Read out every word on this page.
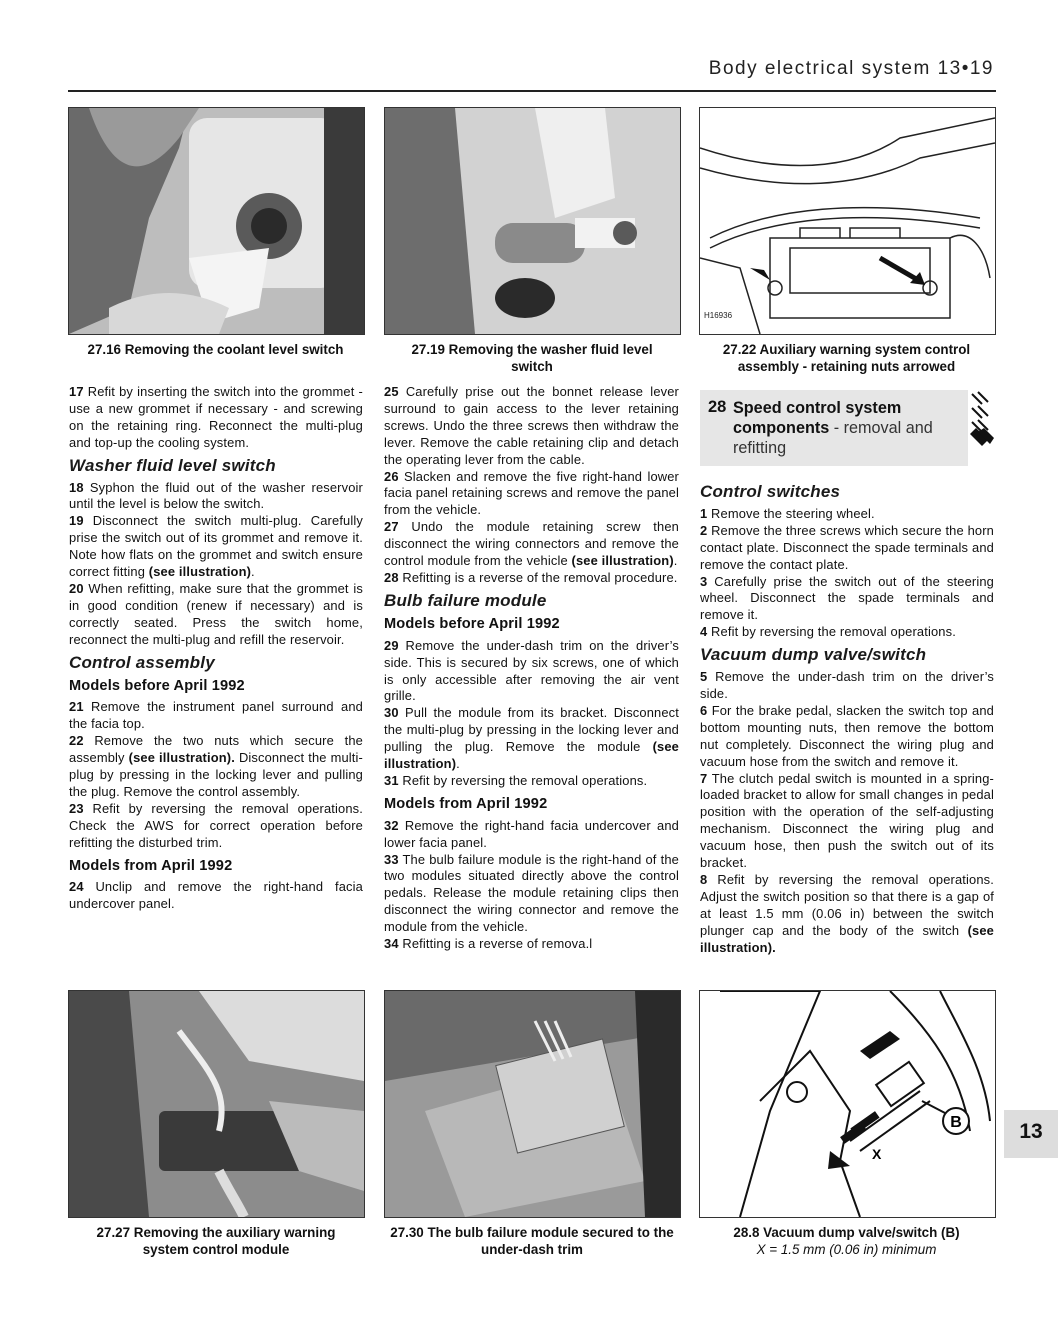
Body electrical system 13•19
H16936
27.16 Removing the coolant level switch	27.19 Removing the washer fluid level switch
27.22 Auxiliary warning system control assembly - retaining nuts arrowed

17 Refit by inserting the switch into the grommet - use a new grommet if necessary - and screwing on the retaining ring. Reconnect the multi-plug and top-up the cooling system.

Washer fluid level switch

18 Syphon the fluid out of the washer reservoir until the level is below the switch.

19 Disconnect the switch multi-plug. Carefully prise the switch out of its grommet and remove it. Note how flats on the grommet and switch ensure correct fitting (see illustration).

20 When refitting, make sure that the grommet is in good condition (renew if necessary) and is correctly seated. Press the switch home, reconnect the multi-plug and refill the reservoir.

Control assembly
Models before April 1992

21 Remove the instrument panel surround and the facia top.

22 Remove the two nuts which secure the assembly (see illustration). Disconnect the multi-plug by pressing in the locking lever and pulling the plug. Remove the control assembly.

23 Refit by reversing the removal operations. Check the AWS for correct operation before refitting the disturbed trim.

Models from April 1992

24 Unclip and remove the right-hand facia undercover panel.

25 Carefully prise out the bonnet release lever surround to gain access to the lever retaining screws. Undo the three screws then withdraw the lever. Remove the cable retaining clip and detach the operating lever from the cable.

26 Slacken and remove the five right-hand lower facia panel retaining screws and remove the panel from the vehicle.

27 Undo the module retaining screw then disconnect the wiring connectors and remove the control module from the vehicle (see illustration).

28 Refitting is a reverse of the removal procedure.

Bulb failure module
Models before April 1992

29 Remove the under-dash trim on the driver’s side. This is secured by six screws, one of which is only accessible after removing the air vent grille.

30 Pull the module from its bracket. Disconnect the multi-plug by pressing in the locking lever and pulling the plug. Remove the module (see illustration).

31 Refit by reversing the removal operations.

Models from April 1992

32 Remove the right-hand facia undercover and lower facia panel.

33 The bulb failure module is the right-hand of the two modules situated directly above the control pedals. Release the module retaining clips then disconnect the wiring connector and remove the module from the vehicle.

34 Refitting is a reverse of remova.l

28 Speed control system components - removal and refitting
Control switches

1 Remove the steering wheel.

2 Remove the three screws which secure the horn contact plate. Disconnect the spade terminals and remove the contact plate.

3 Carefully prise the switch out of the steering wheel. Disconnect the spade terminals and remove it.

4 Refit by reversing the removal operations.

Vacuum dump valve/switch

5 Remove the under-dash trim on the driver’s side.

6 For the brake pedal, slacken the switch top and bottom mounting nuts, then remove the bottom nut completely. Disconnect the wiring plug and vacuum hose from the switch and remove it.

7 The clutch pedal switch is mounted in a spring-loaded bracket to allow for small changes in pedal position with the operation of the self-adjusting mechanism. Disconnect the wiring plug and vacuum hose, then push the switch out of its bracket.

8 Refit by reversing the removal operations. Adjust the switch position so that there is a gap of at least 1.5 mm (0.06 in) between the switch plunger cap and the body of the switch (see illustration).

B
X
27.27 Removing the auxiliary warning system control module
27.30 The bulb failure module secured to the under-dash trim
28.8 Vacuum dump valve/switch (B)
X = 1.5 mm (0.06 in) minimum
13
